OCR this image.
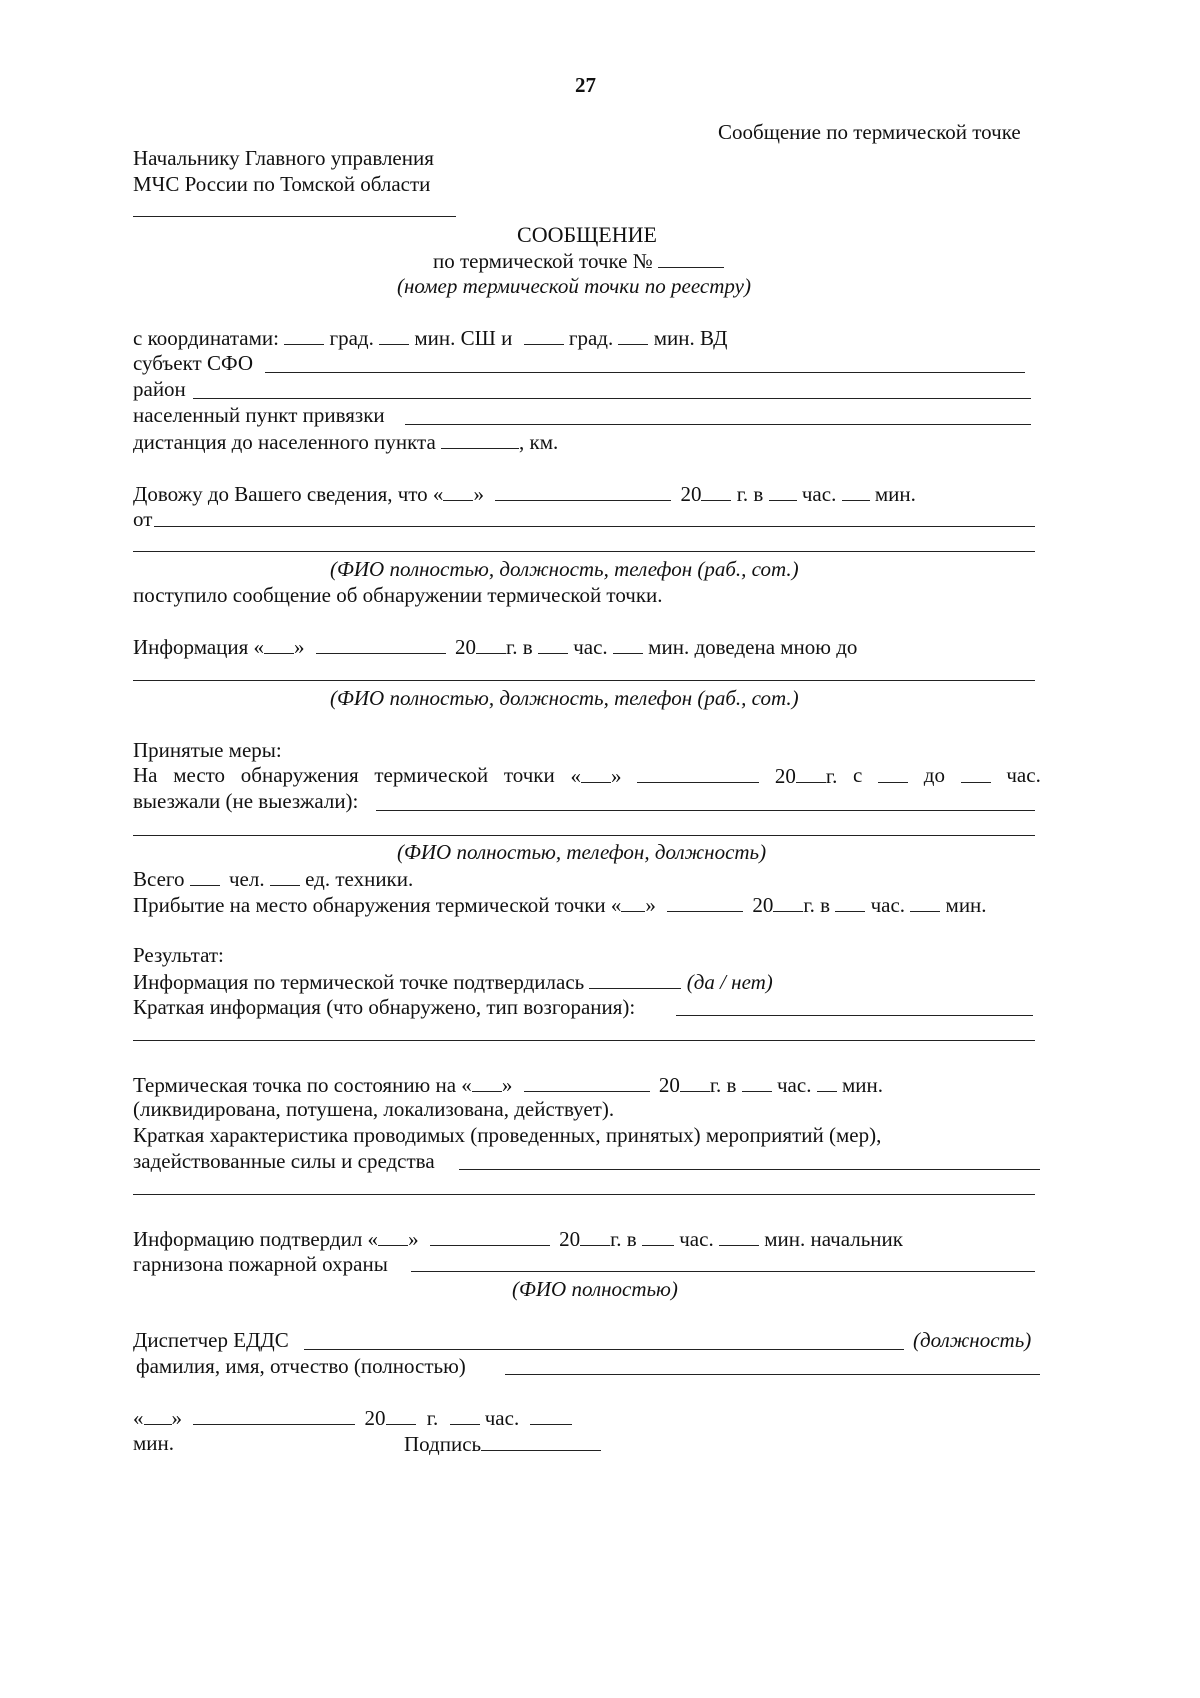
27
Сообщение по термической точке
Начальнику Главного управления
МЧС России по Томской области
СООБЩЕНИЕ
по термической точке №
(номер термической точки по реестру)
с координатами: град. мин. СШ и	град. мин. ВД
субъект СФО
район
населенный пункт привязки
дистанция до населенного пункта	, км.
Довожу до Вашего сведения, что « »	20 г. в час. мин.
от
(ФИО полностью, должность, телефон (раб., сот.)
поступило сообщение об обнаружении термической точки.
Информация « »	20 г. в час. мин. доведена мною до
(ФИО полностью, должность, телефон (раб., сот.)
Принятые меры:
На место обнаружения термической точки « »	20 г. с	до	час.
выезжали (не выезжали):
(ФИО полностью, телефон, должность)
Всего чел. ед. техники.
Прибытие на место обнаружения термической точки « »	20 г. в час. мин.
Результат:
Информация по термической точке подтвердилась	(да / нет)
Краткая информация (что обнаружено, тип возгорания):
Термическая точка по состоянию на « »	20 г. в час. мин.
(ликвидирована, потушена, локализована, действует).
Краткая характеристика проводимых (проведенных, принятых) мероприятий (мер),
задействованные силы и средства
Информацию подтвердил « »	20 г. в час. мин. начальник
гарнизона пожарной охраны
(ФИО полностью)
Диспетчер ЕДДС	(должность)
фамилия, имя, отчество (полностью)
« »	20 г. час.
мин.	Подпись
